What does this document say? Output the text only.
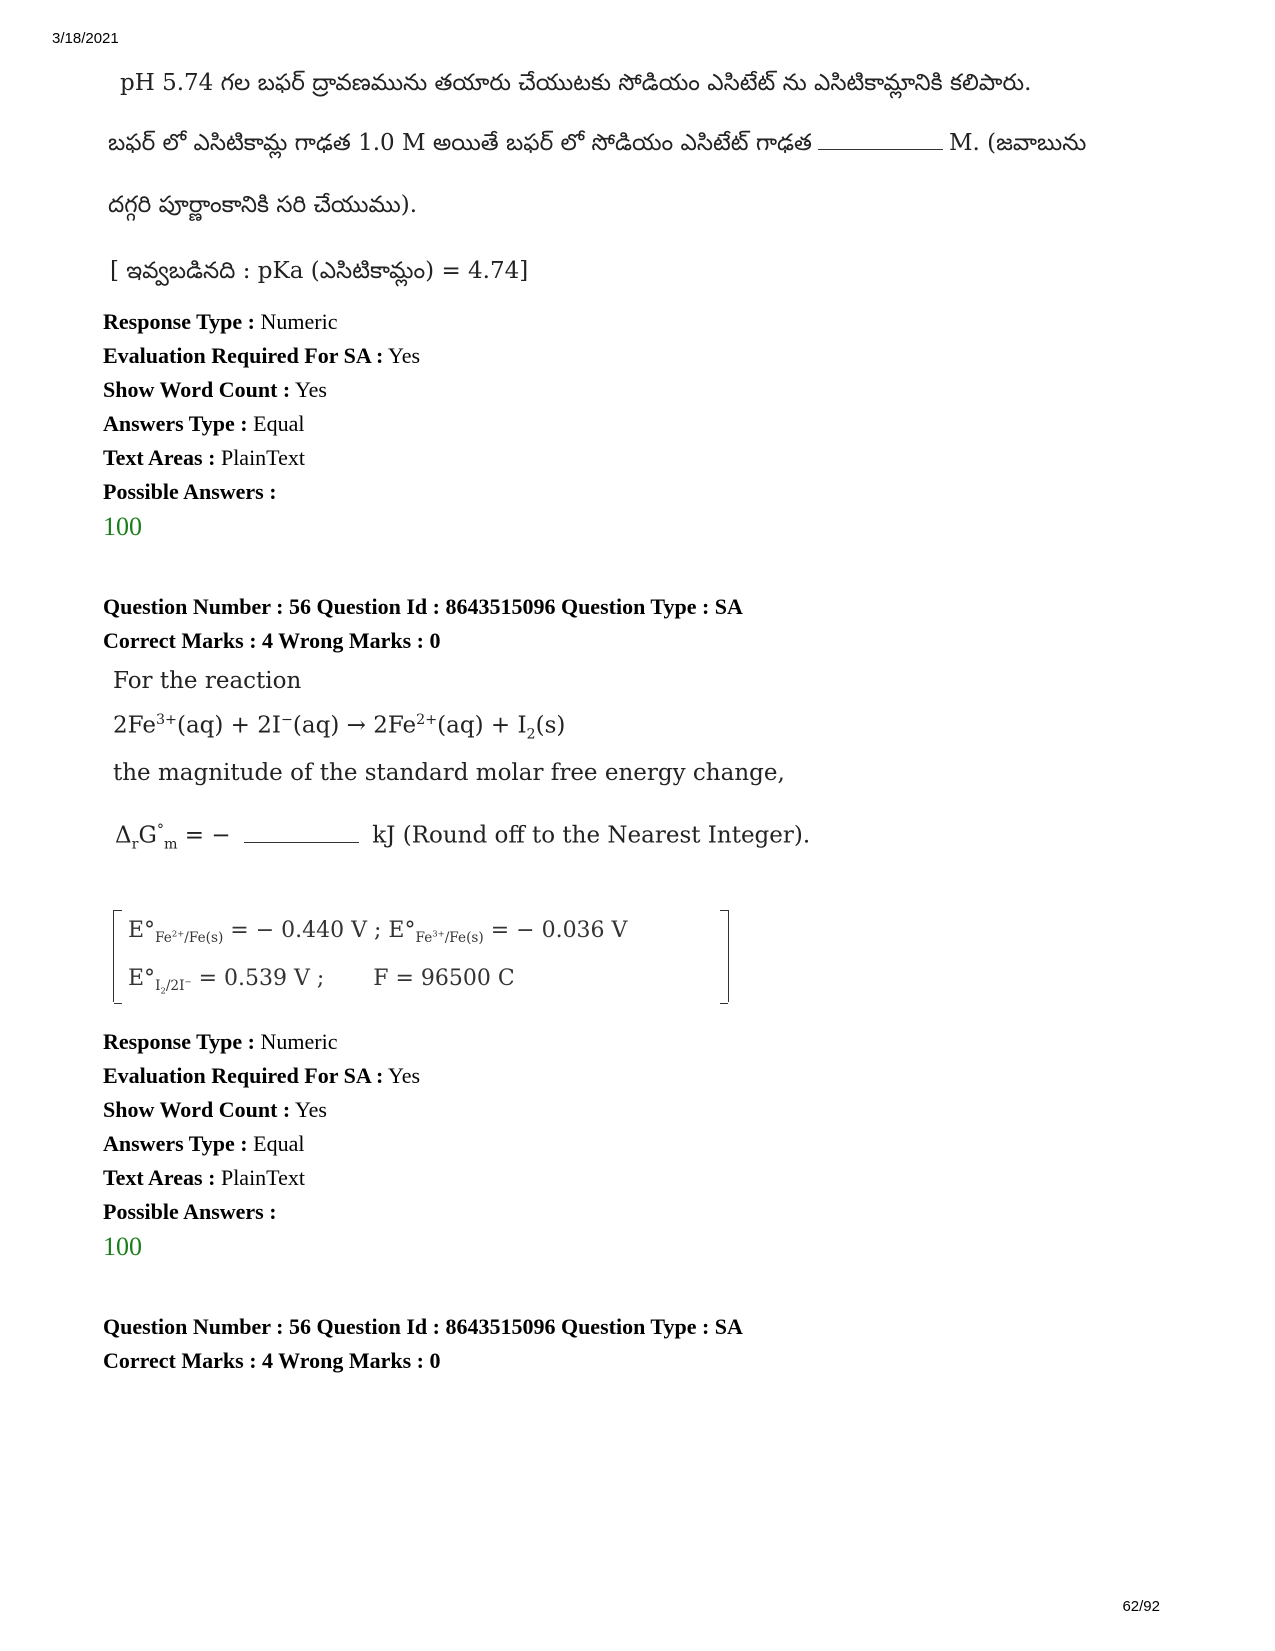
3/18/2021
pH 5.74 గల బఫర్ ద్రావణమును తయారు చేయుటకు సోడియం ఎసిటేట్ ను ఎసిటికామ్లానికి కలిపారు.
బఫర్ లో ఎసిటికామ్ల గాఢత 1.0 M అయితే బఫర్ లో సోడియం ఎసిటేట్ గాఢత	M. (జవాబును
దగ్గరి పూర్ణాంకానికి సరి చేయుము).
[ ఇవ్వబడినది : pKa (ఎసిటికామ్లం) = 4.74]
Response Type : Numeric
Evaluation Required For SA : Yes
Show Word Count : Yes
Answers Type : Equal
Text Areas : PlainText
Possible Answers :
100
Question Number : 56 Question Id : 8643515096 Question Type : SA
Correct Marks : 4 Wrong Marks : 0
For the reaction
$2Fe^{3+}(aq) + 2I^-(aq) \to 2Fe^{2+}(aq) + I_2(s)$
the magnitude of the standard molar free energy change,
$\Delta_rG^\circ_m$ = −	kJ (Round off to the Nearest Integer).
$E^\circ_{Fe^{2+}/Fe(s)}$ = − 0.440 V ; $E^\circ_{Fe^{3+}/Fe(s)}$ = − 0.036 V
$E^\circ_{I_2/2I^-} = 0.539$ V ; F = 96500 C
Response Type : Numeric
Evaluation Required For SA : Yes
Show Word Count : Yes
Answers Type : Equal
Text Areas : PlainText
Possible Answers :
100
Question Number : 56 Question Id : 8643515096 Question Type : SA
Correct Marks : 4 Wrong Marks : 0
62/92
